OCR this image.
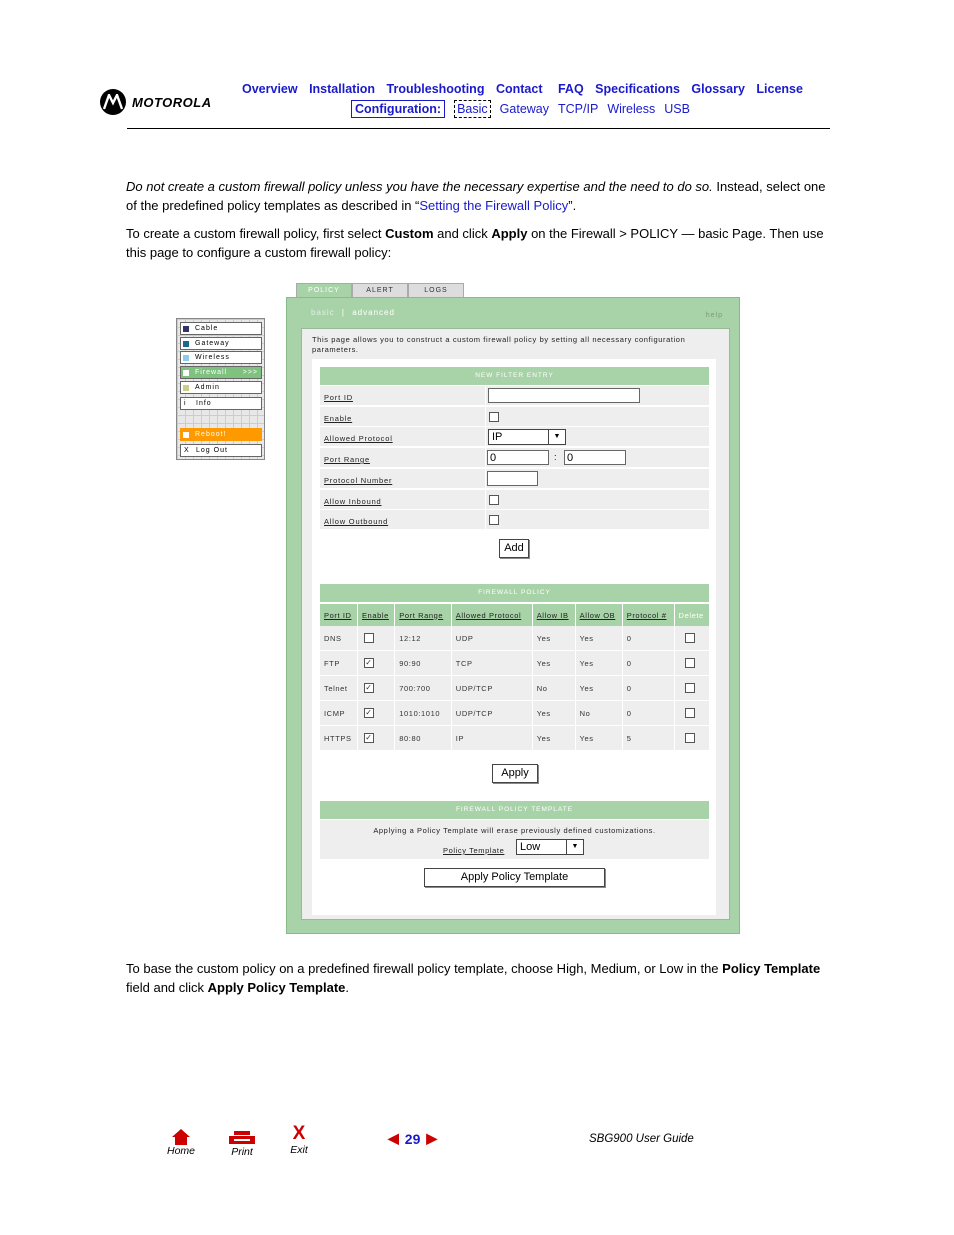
MOTOROLA
Overview Installation Troubleshooting Contact FAQ Specifications Glossary License
Configuration:	Basic Gateway TCP/IP Wireless USB
Do not create a custom firewall policy unless you have the necessary expertise and the need to do so. Instead, select one of the predefined policy templates as described in “Setting the Firewall Policy”.
To create a custom firewall policy, first select Custom and click Apply on the Firewall > POLICY — basic Page. Then use this page to configure a custom firewall policy:
Cable
Gateway
Wireless
Firewall >>>
Admin
i	Info
Reboot!
X Log Out
POLICY	ALERT	LOGS
basic | advanced	help
This page allows you to construct a custom firewall policy by setting all necessary configuration parameters.
NEW FILTER ENTRY
Port ID
Enable
Allowed Protocol	IP	▼
Port Range	0	: 0
Protocol Number
Allow Inbound
Allow Outbound
Add
FIREWALL POLICY
Port ID	Enable	Port Range	Allowed Protocol	Allow IB	Allow OB	Protocol #	Delete
DNS		12:12	UDP	Yes	Yes	0	
FTP	✓	90:90	TCP	Yes	Yes	0	
Telnet	✓	700:700	UDP/TCP	No	Yes	0	
ICMP	✓	1010:1010	UDP/TCP	Yes	No	0	
HTTPS	✓	80:80	IP	Yes	Yes	5	
Apply
FIREWALL POLICY TEMPLATE
Applying a Policy Template will erase previously defined customizations.
Policy Template	Low	▼
Apply Policy Template
To base the custom policy on a predefined firewall policy template, choose High, Medium, or Low in the Policy Template field and click Apply Policy Template.
Home	Print
X
Exit
◀ 29 ▶	SBG900 User Guide
